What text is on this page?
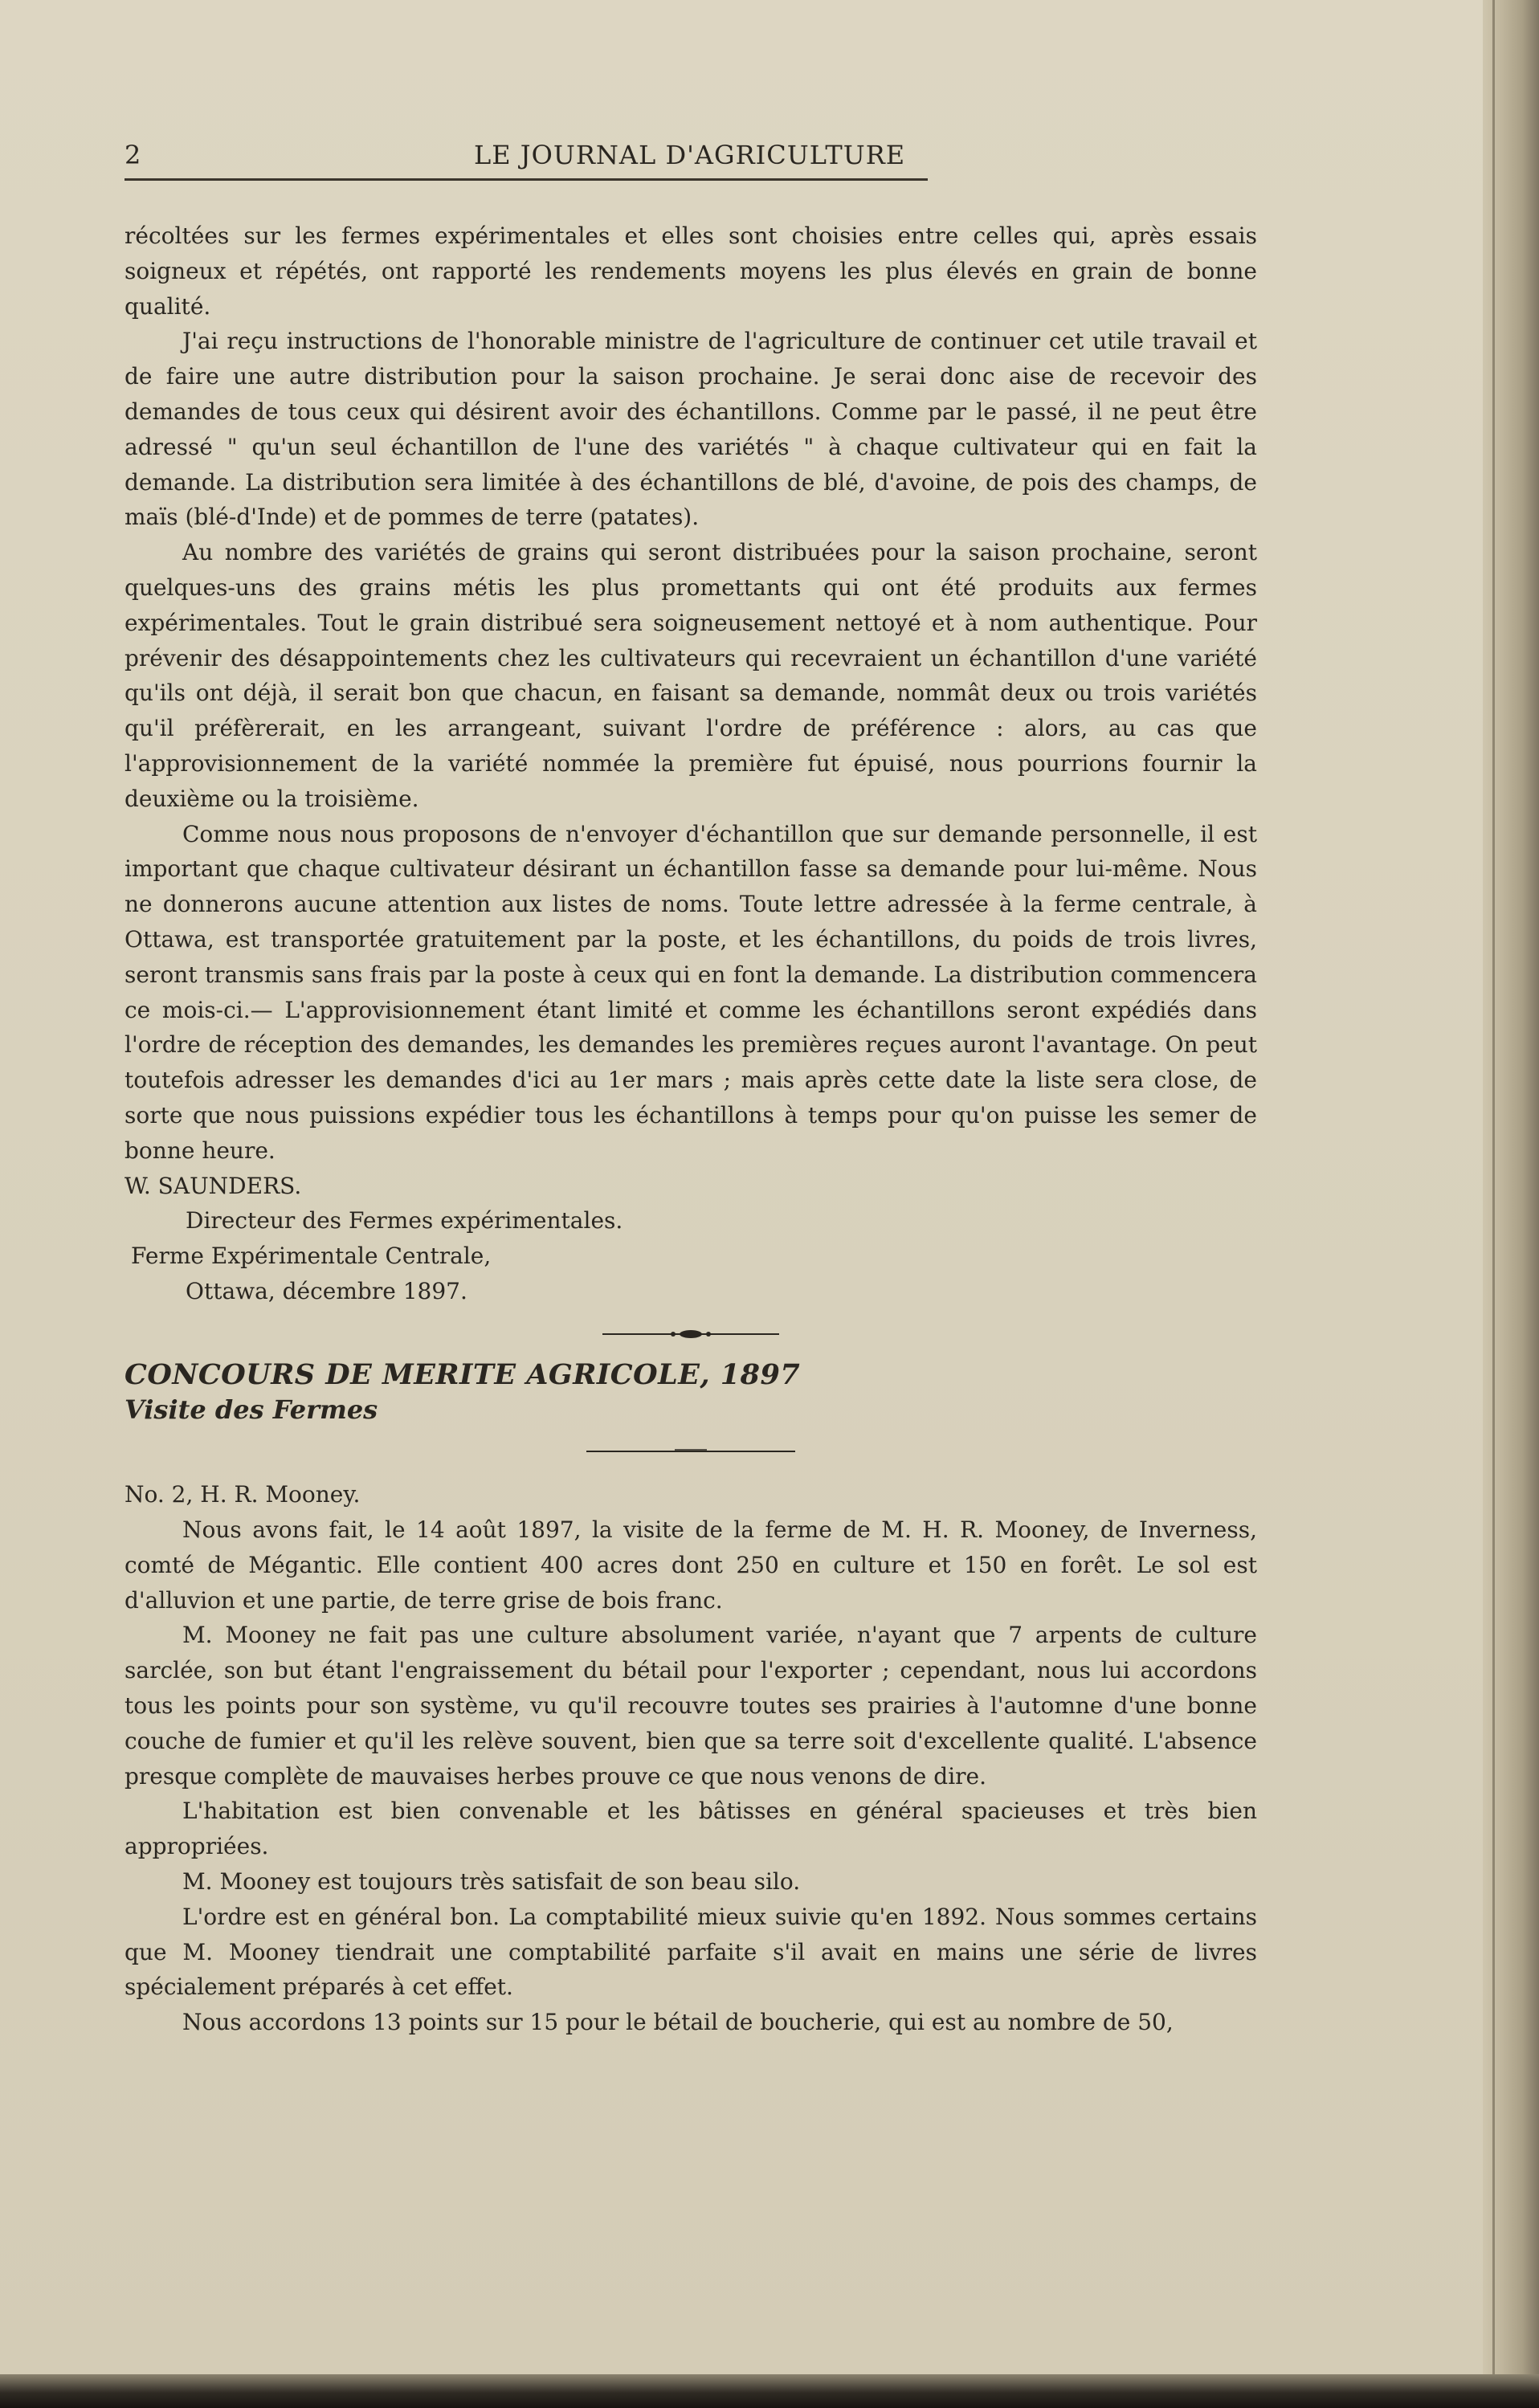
2	LE JOURNAL D'AGRICULTURE

récoltées sur les fermes expérimentales et elles sont choisies entre celles qui, après essais soigneux et répétés, ont rapporté les rendements moyens les plus élevés en grain de bonne qualité.

J'ai reçu instructions de l'honorable ministre de l'agriculture de continuer cet utile travail et de faire une autre distribution pour la saison prochaine. Je serai donc aise de recevoir des demandes de tous ceux qui désirent avoir des échantillons. Comme par le passé, il ne peut être adressé " qu'un seul échantillon de l'une des variétés " à chaque cultivateur qui en fait la demande. La distribution sera limitée à des échantillons de blé, d'avoine, de pois des champs, de maïs (blé-d'Inde) et de pommes de terre (patates).

Au nombre des variétés de grains qui seront distribuées pour la saison prochaine, seront quelques-uns des grains métis les plus promettants qui ont été produits aux fermes expérimentales. Tout le grain distribué sera soigneusement nettoyé et à nom authentique. Pour prévenir des désappointements chez les cultivateurs qui recevraient un échantillon d'une variété qu'ils ont déjà, il serait bon que chacun, en faisant sa demande, nommât deux ou trois variétés qu'il préfèrerait, en les arrangeant, suivant l'ordre de préférence : alors, au cas que l'approvisionnement de la variété nommée la première fut épuisé, nous pourrions fournir la deuxième ou la troisième.

Comme nous nous proposons de n'envoyer d'échantillon que sur demande personnelle, il est important que chaque cultivateur désirant un échantillon fasse sa demande pour lui-même. Nous ne donnerons aucune attention aux listes de noms. Toute lettre adressée à la ferme centrale, à Ottawa, est transportée gratuitement par la poste, et les échantillons, du poids de trois livres, seront transmis sans frais par la poste à ceux qui en font la demande. La distribution commencera ce mois-ci.— L'approvisionnement étant limité et comme les échantillons seront expédiés dans l'ordre de réception des demandes, les demandes les premières reçues auront l'avantage. On peut toutefois adresser les demandes d'ici au 1er mars ; mais après cette date la liste sera close, de sorte que nous puissions expédier tous les échantillons à temps pour qu'on puisse les semer de bonne heure.

W. SAUNDERS.

Directeur des Fermes expérimentales.

Ferme Expérimentale Centrale,

Ottawa, décembre 1897.

CONCOURS DE MERITE AGRICOLE, 1897

Visite des Fermes

No. 2, H. R. Mooney.

Nous avons fait, le 14 août 1897, la visite de la ferme de M. H. R. Mooney, de Inverness, comté de Mégantic. Elle contient 400 acres dont 250 en culture et 150 en forêt. Le sol est d'alluvion et une partie, de terre grise de bois franc.

M. Mooney ne fait pas une culture absolument variée, n'ayant que 7 arpents de culture sarclée, son but étant l'engraissement du bétail pour l'exporter ; cependant, nous lui accordons tous les points pour son système, vu qu'il recouvre toutes ses prairies à l'automne d'une bonne couche de fumier et qu'il les relève souvent, bien que sa terre soit d'excellente qualité. L'absence presque complète de mauvaises herbes prouve ce que nous venons de dire.

L'habitation est bien convenable et les bâtisses en général spacieuses et très bien appropriées.

M. Mooney est toujours très satisfait de son beau silo.

L'ordre est en général bon. La comptabilité mieux suivie qu'en 1892. Nous sommes certains que M. Mooney tiendrait une comptabilité parfaite s'il avait en mains une série de livres spécialement préparés à cet effet.

Nous accordons 13 points sur 15 pour le bétail de boucherie, qui est au nombre de 50,
